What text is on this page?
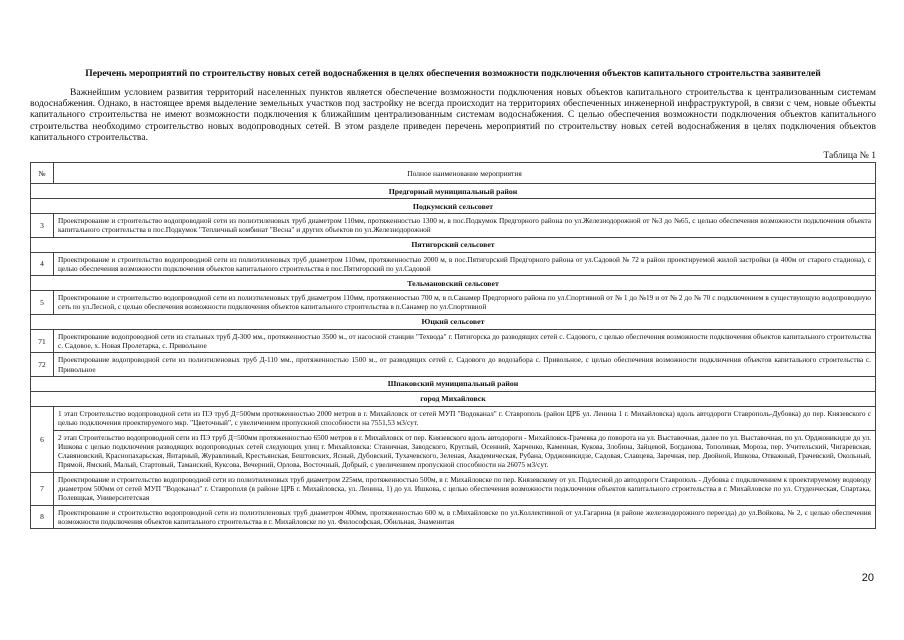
Перечень мероприятий по строительству новых сетей водоснабжения в целях обеспечения возможности подключения объектов капитального строительства заявителей
Важнейшим условием развития территорий населенных пунктов является обеспечение возможности подключения новых объектов капитального строительства к централизованным системам водоснабжения. Однако, в настоящее время выделение земельных участков под застройку не всегда происходит на территориях обеспеченных инженерной инфраструктурой, в связи с чем, новые объекты капитального строительства не имеют возможности подключения к ближайшим централизованным системам водоснабжения. С целью обеспечения возможности подключения объектов капитального строительства необходимо строительство новых водопроводных сетей. В этом разделе приведен перечень мероприятий по строительству новых сетей водоснабжения в целях подключения объектов капитального строительства.
Таблица № 1
№	Полное наименование мероприятия
Предгорный муниципальный район	
Подкумский сельсовет	
3	Проектирование и строительство водопроводной сети из полиэтиленовых труб диаметром 110мм, протяженностью 1300 м, в пос.Подкумок Предгорного района по ул.Железнодорожной от №3 до №65, с целью обеспечения возможности подключения объекта капитального строительства в пос.Подкумок "Тепличный комбинат "Весна" и других объектов по ул.Железнодорожной
Пятигорский сельсовет	
4	Проектирование и строительство водопроводной сети из полиэтиленовых труб диаметром 110мм, протяженностью 2000 м, в пос.Пятигорский Предгорного района от ул.Садовой № 72 в район проектируемой жилой застройки (в 400м от старого стадиона), с целью обеспечения возможности подключения объектов капитального строительства в пос.Пятигорский по ул.Садовой
Тельмановский сельсовет	
5	Проектирование и строительство водопроводной сети из полиэтиленовых труб диаметром 110мм, протяженностью 700 м, в п.Санамер Предгорного района по ул.Спортивной от № 1 до №19 и от № 2 до № 70 с подключением в существующую водопроводную сеть по ул.Лесной, с целью обеспечения возможности подключения объектов капитального строительства в п.Санамер по ул.Спортивной
Юцкий сельсовет	
71	Проектирование водопроводной сети из стальных труб Д-300 мм., протяженностью 3500 м., от насосной станции "Техвода" г. Пятигорска до разводящих сетей с. Садового, с целью обеспечения возможности подключения объектов капитального строительства с. Садовое, х. Новая Пролетарка, с. Привольное
72	Проектирование водопроводной сети из полиэтиленовых труб Д-110 мм., протяженностью 1500 м., от разводящих сетей с. Садового до водозабора с. Привольное, с целью обеспечения возможности подключения объектов капитального строительства с. Привольное
Шпаковский муниципальный район	
город Михайловск	
6	1 этап Строительство водопроводной сети из ПЭ труб Д=500мм протяженностью 2000 метров в г. Михайловск от сетей МУП "Водоканал" г. Ставрополь (район ЦРБ ул. Ленина 1 г. Михайловска) вдоль автодороги Ставрополь-Дубовка) до пер. Князевского с целью подключения проектируемого мкр. "Цветочный", с увеличением пропускной способности на 7551,53 м3/сут.
	2 этап Строительство водопроводной сети из ПЭ труб Д=500мм протяженностью 6500 метров в г. Михайловск от пер. Князевского вдоль автодороги - Михайловск-Грачевка до поворота на ул. Выставочная, далее по ул. Выставочная, по ул. Орджоникидзе до ул. Ишкова с целью подключения разводящих водопроводных сетей следующих улиц г. Михайловска: Станичная, Заводского, Круглый, Осенний, Харченко, Каменная, Кукова, Злобина, Зайцевой, Богданова, Тополиная, Мороза, пер. Учительский, Чигаревская, Славяновский, Краснопахарьская, Янтарный, Журавлиный, Крестьянская, Бештовских, Ясный, Дубовский, Тухачевского, Зеленая, Академическая, Рубана, Орджоникидзе, Садовая, Славцева, Заречная, пер. Двойной, Ишкова, Отважный, Грачевский, Окольный, Прямой, Ямский, Малый, Стартовый, Таманский, Куксова, Вечерний, Орлова, Восточный, Добрый, с увеличением пропускной способности на 26075 м3/сут.
7	Проектирование и строительство водопроводной сети из полиэтиленовых труб диаметром 225мм, протяженностью 500м, в г. Михайловске по пер. Князевскому от ул. Подлесной до автодороги Ставрополь - Дубовка с подключением к проектируемому водоводу диаметром 500мм от сетей МУП "Водоканал" г. Ставрополя (в районе ЦРБ г. Михайловска, ул. Ленина, 1) до ул. Ишкова, с целью обеспечения возможности подключения объектов капитального строительства в г. Михайловске по ул. Студенческая, Спартака, Полевщкая, Университетская
8	Проектирование и строительство водопроводной сети из полиэтиленовых труб диаметром 400мм, протяженностью 600 м, в г.Михайловске по ул.Коллективной от ул.Гагарина (в районе железнодорожного переезда) до ул.Войкова, № 2, с целью обеспечения возможности подключения объектов капитального строительства в г. Михайловске по ул. Философская, Обильная, Знаменитая
20
